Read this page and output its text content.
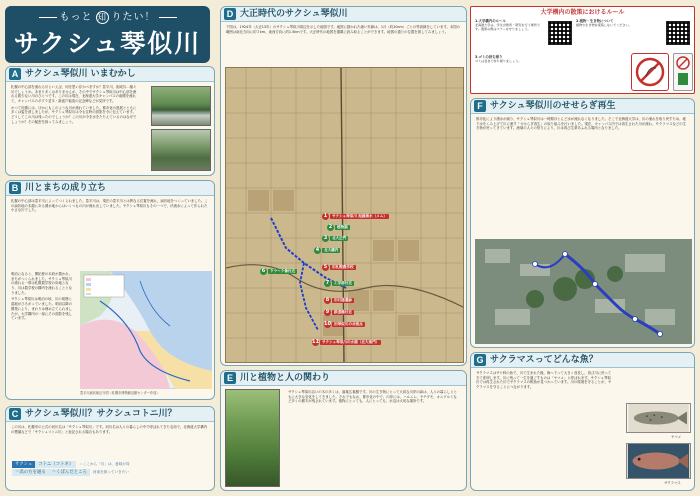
もっと 知 りたい！
サクシュ琴似川
A サクシュ琴似川 いまむかし

札幌の中心部を流れる川といえば、何を思い浮かべますか？豊平川、創成川…様々川でしょうか。あまり多くはありませんが、その中でサクシュ琴似川は中心部を流れる数少ない川のひとつです。この川は現在、北海道大学キャンパスの南側を流れて、キャンパスのポプラ並木・新渡戸稲造の記念碑などが見所です。

かつて札幌には、ほかにもこのような川が流れていました。都市化の進展とともに多くは姿を消しましたが、サクシュ琴似川は今も往時の面影を今に伝えています。どうしてこの川は残ったのでしょうか？この川が今を水をたたえているのはなぜでしょうか？その秘密を探ってみましょう。

B 川とまちの成り立ち

札幌の中心部は豊平川によってつくられました。豊平川は、現在の豊平川とは異なる位置を流れ、扇状地をつくっていました。この扇状地の末端にある湧水地からはいくつもの川が流れ出していました。サクシュ琴似川もその一つで、伏流水によって作られた小さな川でした。

明治になると、開拓使の本府が置かれ、まちがつくられました。サクシュ琴似川の流れる一帯は札幌農学校の用地となり、川は農学校の構内を流れることとなりました。

サクシュ琴似川は明治の頃、川の周囲に湿地がひろがっていました。明治以降の開発により、まわりは埋め立てられましたが、大学構内の一部にその面影を残しています。

豊平川扇状地区分図（札幌市博物館活動センター作成）
C サクシュ琴似川？サクシュコトニ川？

この川は、札幌市の公式の河川名は「サクシュ琴似川」です。河川名は人々の暮らしの中で呼ばれてきた名前で、北海道大学構内の標識などで「サクシュコトニ川」と表記される場合もあります。

サクシュ	コトニ（コトネ）	＝ここから「川」は、意味が同
＝浜の方を通る	＝くぼんだところ	河東を探っていきたい
D 大正時代のサクシュ琴似川

下図は、1924年（大正13年）のサクシュ琴似川周辺を示した地図です。地図に描かれた細い実線は、1月（約20cm）ごとの等高線をしています。本図の範囲は南北方向に約３km、東西方向に約1.5kmです。大正時代の地図を掲載に読み取ることができます。地図の通りの位置を探してみましょう。

1	サクシュ琴似川 起源湧水（メム）
2	植物園
3	北大正門
4	北大構内
5	旧札幌農学校
6	クラーク像付近
7	工学部付近
8	旧石器遺跡
9	鉄道橋付近
10 旧琴似川の合流点
11 サクシュ琴似川の水源（北大南門）
E 川と植物と人の関わり

サクシュ琴似川沿いの木の多くは、落葉広葉樹です。川の生き物にとって大切な川岸の緑は、人々の暮らしとともに大きな変化をしてきました。それでもなお、都市化の中で、川岸には、ハルニレ、ヤチダモ、オニグルミなど多くの樹木が残されています。植物にとっても、人にとっても、水辺は大切な場所です。

大学構内の散策におけるルール
1.大学構内のルール
北海道大学は、学生が教育・研究を行う場所です。散策の際はマナーを守りましょう。
2.植物・生き物について
植物や生き物を採集しないでください。
3.ゴミの持ち帰り
ゴミは各自で持ち帰りましょう。
F サクシュ琴似川のせせらぎ再生

都市化により湧水が減り、サクシュ琴似川は一時期ほとんど水が流れなくなりました。そこで北海道大学は、川の流れを取り戻すため、地下水をくみ上げて川に流す「せせらぎ再生」の取り組みを行いました。現在、キャンパス内では再生された川が流れ、サクラマスなどの生き物が戻ってきています。流域の人々の努力により、川は再び生命あふれる場所となりました。

G サクラマスってどんな魚？

サクラマスはサケ科の魚で、川で生まれた後、海へ下って大きく成長し、再び川に戻ってきて産卵します。川に残って一生を過ごすものは「ヤマメ」と呼ばれます。サクシュ琴似川では再生された川でサクラマスの稚魚が見つかっています。川の環境を守ることが、サクラマスを守ることにつながります。

ヤマメ
サクラマス
